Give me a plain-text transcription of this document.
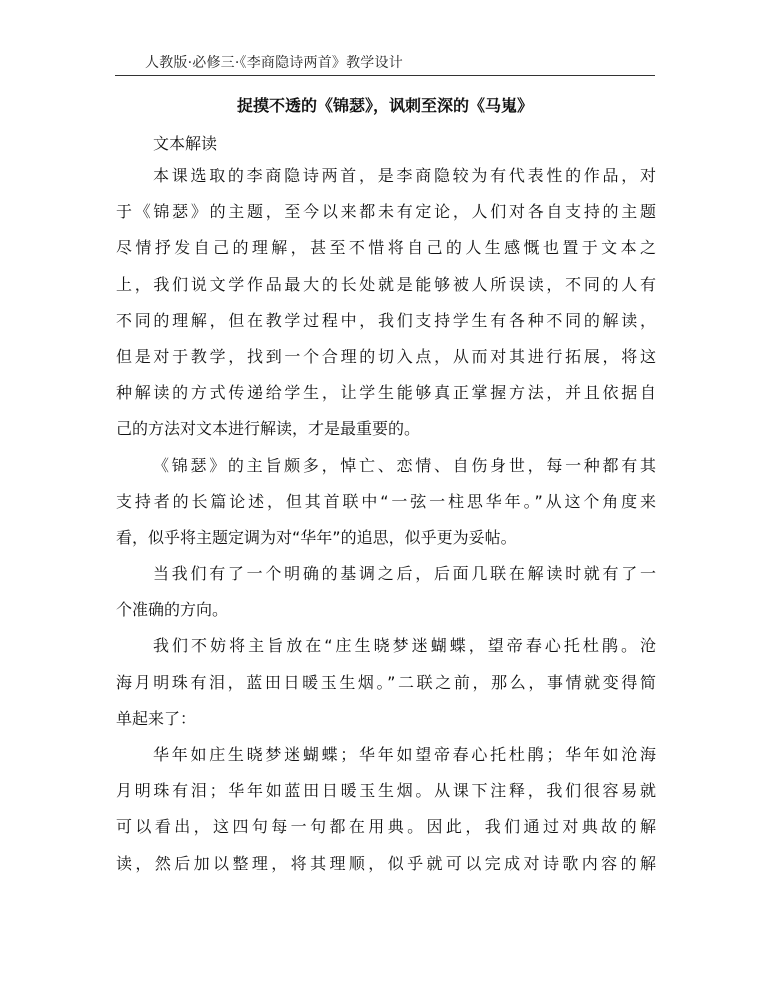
人教版·必修三·《李商隐诗两首》教学设计
捉摸不透的《锦瑟》，讽刺至深的《马嵬》
文本解读
本课选取的李商隐诗两首，是李商隐较为有代表性的作品，对
于《锦瑟》的主题，至今以来都未有定论，人们对各自支持的主题
尽情抒发自己的理解，甚至不惜将自己的人生感慨也置于文本之
上，我们说文学作品最大的长处就是能够被人所误读，不同的人有
不同的理解，但在教学过程中，我们支持学生有各种不同的解读，
但是对于教学，找到一个合理的切入点，从而对其进行拓展，将这
种解读的方式传递给学生，让学生能够真正掌握方法，并且依据自
己的方法对文本进行解读，才是最重要的。
《锦瑟》的主旨颇多，悼亡、恋情、自伤身世，每一种都有其
支持者的长篇论述，但其首联中“一弦一柱思华年。”从这个角度来
看，似乎将主题定调为对“华年”的追思，似乎更为妥帖。
当我们有了一个明确的基调之后，后面几联在解读时就有了一
个准确的方向。
我们不妨将主旨放在“庄生晓梦迷蝴蝶，望帝春心托杜鹃。沧
海月明珠有泪，蓝田日暖玉生烟。”二联之前，那么，事情就变得简
单起来了：
华年如庄生晓梦迷蝴蝶；华年如望帝春心托杜鹃；华年如沧海
月明珠有泪；华年如蓝田日暖玉生烟。从课下注释，我们很容易就
可以看出，这四句每一句都在用典。因此，我们通过对典故的解
读，然后加以整理，将其理顺，似乎就可以完成对诗歌内容的解
